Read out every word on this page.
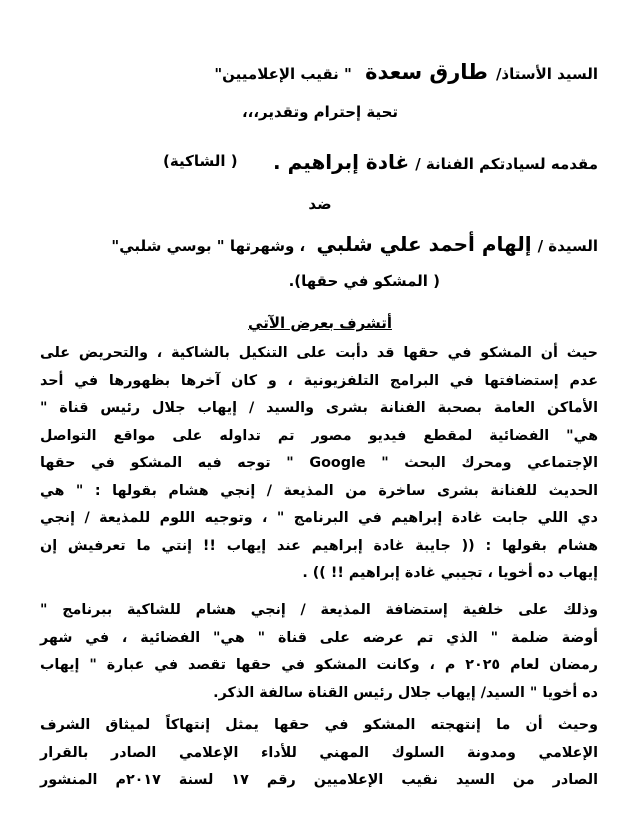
السيد الأستاذ/طارق سعدة " نقيب الإعلاميين"
تحية إحترام وتقدير،،،
مقدمه لسيادتكم الفنانة /غادة إبراهيم .
( الشاكية)
ضد
السيدة /إلهام أحمد علي شلبي ، وشهرتها " بوسي شلبي"
( المشكو في حقها).
أتشرف بعرض الآتي
حيث أن المشكو في حقها قد دأبت على التنكيل بالشاكية ، والتحريض على
عدم إستضافتها في البرامج التلفزيونية ، و كان آخرها بظهورها في أحد
الأماكن العامة بصحبة الفنانة بشرى والسيد / إيهاب جلال رئيس قناة "
هي" الفضائية لمقطع فيديو مصور تم تداوله على مواقع التواصل
الإجتماعي ومحرك البحث " Google " توجه فيه المشكو في حقها
الحديث للفنانة بشرى ساخرة من المذيعة / إنجي هشام بقولها : " هي
دي اللي جابت غادة إبراهيم في البرنامج " ، وتوجيه اللوم للمذيعة / إنجي
هشام بقولها : (( جايبة غادة إبراهيم عند إيهاب !! إنتي ما تعرفيش إن
إيهاب ده أخويا ، تجيبي غادة إبراهيم !! )) .
وذلك على خلفية إستضافة المذيعة / إنجي هشام للشاكية ببرنامج "
أوضة ضلمة " الذي تم عرضه على قناة " هي" الفضائية ، في شهر
رمضان لعام ٢٠٢٥ م ، وكانت المشكو في حقها تقصد في عبارة " إيهاب
ده أخويا " السيد/ إيهاب جلال رئيس القناة سالفة الذكر.
وحيث أن ما إنتهجته المشكو في حقها يمثل إنتهاكاً لميثاق الشرف
الإعلامي ومدونة السلوك المهني للأداء الإعلامي الصادر بالقرار
الصادر من السيد نقيب الإعلاميين رقم ١٧ لسنة ٢٠١٧م المنشور
